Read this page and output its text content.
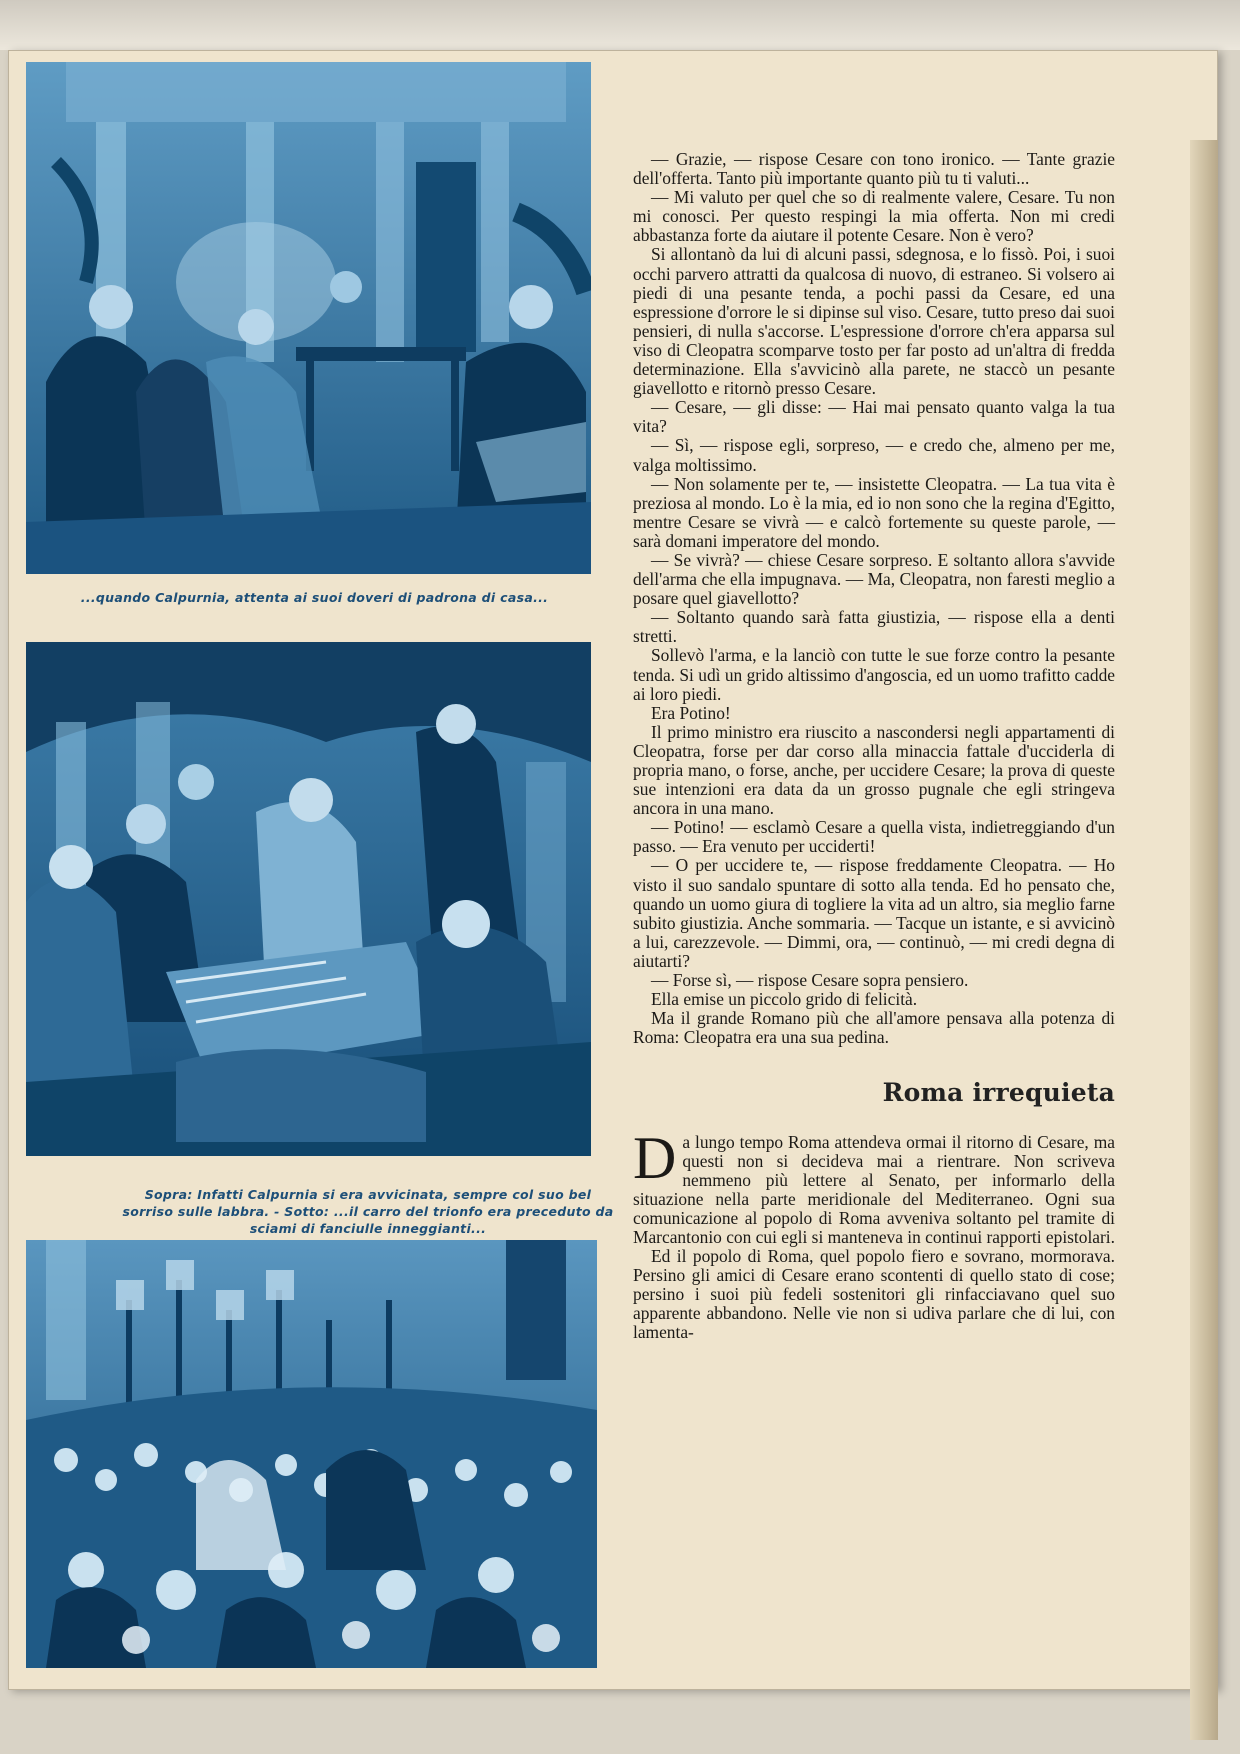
...quando Calpurnia, attenta ai suoi doveri di padrona di casa...
Sopra: Infatti Calpurnia si era avvicinata, sempre col suo bel sorriso sulle labbra. - Sotto: ...il carro del trionfo era preceduto da sciami di fanciulle inneggianti...

— Grazie, — rispose Cesare con tono ironico. — Tante grazie dell'offerta. Tanto più importante quanto più tu ti valuti...

— Mi valuto per quel che so di realmente valere, Cesare. Tu non mi conosci. Per questo respingi la mia offerta. Non mi credi abbastanza forte da aiutare il potente Cesare. Non è vero?

Si allontanò da lui di alcuni passi, sdegnosa, e lo fissò. Poi, i suoi occhi parvero attratti da qualcosa di nuovo, di estraneo. Si volsero ai piedi di una pesante tenda, a pochi passi da Cesare, ed una espressione d'orrore le si dipinse sul viso. Cesare, tutto preso dai suoi pensieri, di nulla s'accorse. L'espressione d'orrore ch'era apparsa sul viso di Cleopatra scomparve tosto per far posto ad un'altra di fredda determinazione. Ella s'avvicinò alla parete, ne staccò un pesante giavellotto e ritornò presso Cesare.

— Cesare, — gli disse: — Hai mai pensato quanto valga la tua vita?

— Sì, — rispose egli, sorpreso, — e credo che, almeno per me, valga moltissimo.

— Non solamente per te, — insistette Cleopatra. — La tua vita è preziosa al mondo. Lo è la mia, ed io non sono che la regina d'Egitto, mentre Cesare se vivrà — e calcò fortemente su queste parole, — sarà domani imperatore del mondo.

— Se vivrà? — chiese Cesare sorpreso. E soltanto allora s'avvide dell'arma che ella impugnava. — Ma, Cleopatra, non faresti meglio a posare quel giavellotto?

— Soltanto quando sarà fatta giustizia, — rispose ella a denti stretti.

Sollevò l'arma, e la lanciò con tutte le sue forze contro la pesante tenda. Si udì un grido altissimo d'angoscia, ed un uomo trafitto cadde ai loro piedi.

Era Potino!

Il primo ministro era riuscito a nascondersi negli appartamenti di Cleopatra, forse per dar corso alla minaccia fattale d'ucciderla di propria mano, o forse, anche, per uccidere Cesare; la prova di queste sue intenzioni era data da un grosso pugnale che egli stringeva ancora in una mano.

— Potino! — esclamò Cesare a quella vista, indietreggiando d'un passo. — Era venuto per ucciderti!

— O per uccidere te, — rispose freddamente Cleopatra. — Ho visto il suo sandalo spuntare di sotto alla tenda. Ed ho pensato che, quando un uomo giura di togliere la vita ad un altro, sia meglio farne subito giustizia. Anche sommaria. — Tacque un istante, e si avvicinò a lui, carezzevole. — Dimmi, ora, — continuò, — mi credi degna di aiutarti?

— Forse sì, — rispose Cesare sopra pensiero.

Ella emise un piccolo grido di felicità.

Ma il grande Romano più che all'amore pensava alla potenza di Roma: Cleopatra era una sua pedina.

Roma irrequieta

Da lungo tempo Roma attendeva ormai il ritorno di Cesare, ma questi non si decideva mai a rientrare. Non scriveva nemmeno più lettere al Senato, per informarlo della situazione nella parte meridionale del Mediterraneo. Ogni sua comunicazione al popolo di Roma avveniva soltanto pel tramite di Marcantonio con cui egli si manteneva in continui rapporti epistolari.

Ed il popolo di Roma, quel popolo fiero e sovrano, mormorava. Persino gli amici di Cesare erano scontenti di quello stato di cose; persino i suoi più fedeli sostenitori gli rinfacciavano quel suo apparente abbandono. Nelle vie non si udiva parlare che di lui, con lamenta-
